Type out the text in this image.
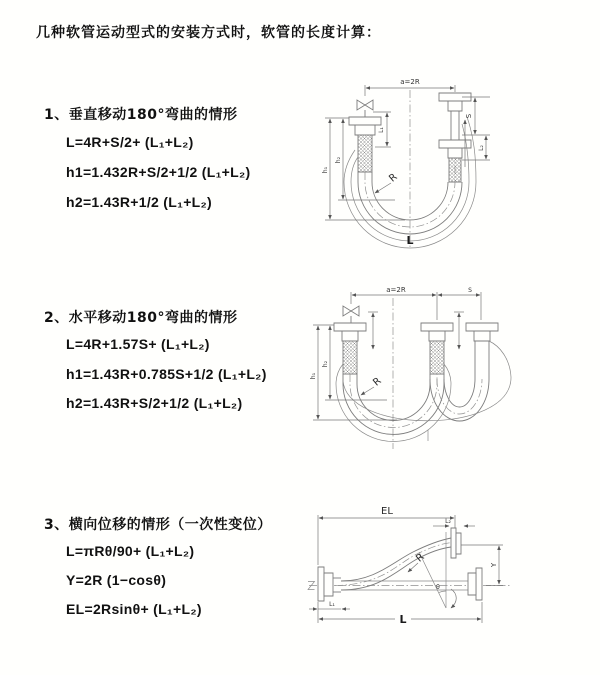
几种软管运动型式的安装方式时，软管的长度计算：
1、垂直移动180°弯曲的情形
L=4R+S/2+ (L₁+L₂)
h1=1.432R+S/2+1/2 (L₁+L₂)
h2=1.43R+1/2 (L₁+L₂)
2、水平移动180°弯曲的情形
L=4R+1.57S+ (L₁+L₂)
h1=1.43R+0.785S+1/2 (L₁+L₂)
h2=1.43R+S/2+1/2 (L₁+L₂)
3、横向位移的情形（一次性变位）
L=πRθ/90+ (L₁+L₂)
Y=2R (1−cosθ)
EL=2Rsinθ+ (L₁+L₂)
a=2R
S
L₂
h₁
h₂
L₁
R
L
a=2R	S
h₁
h₂
R
EL
L₂
θ
R
Y
L₁
L
